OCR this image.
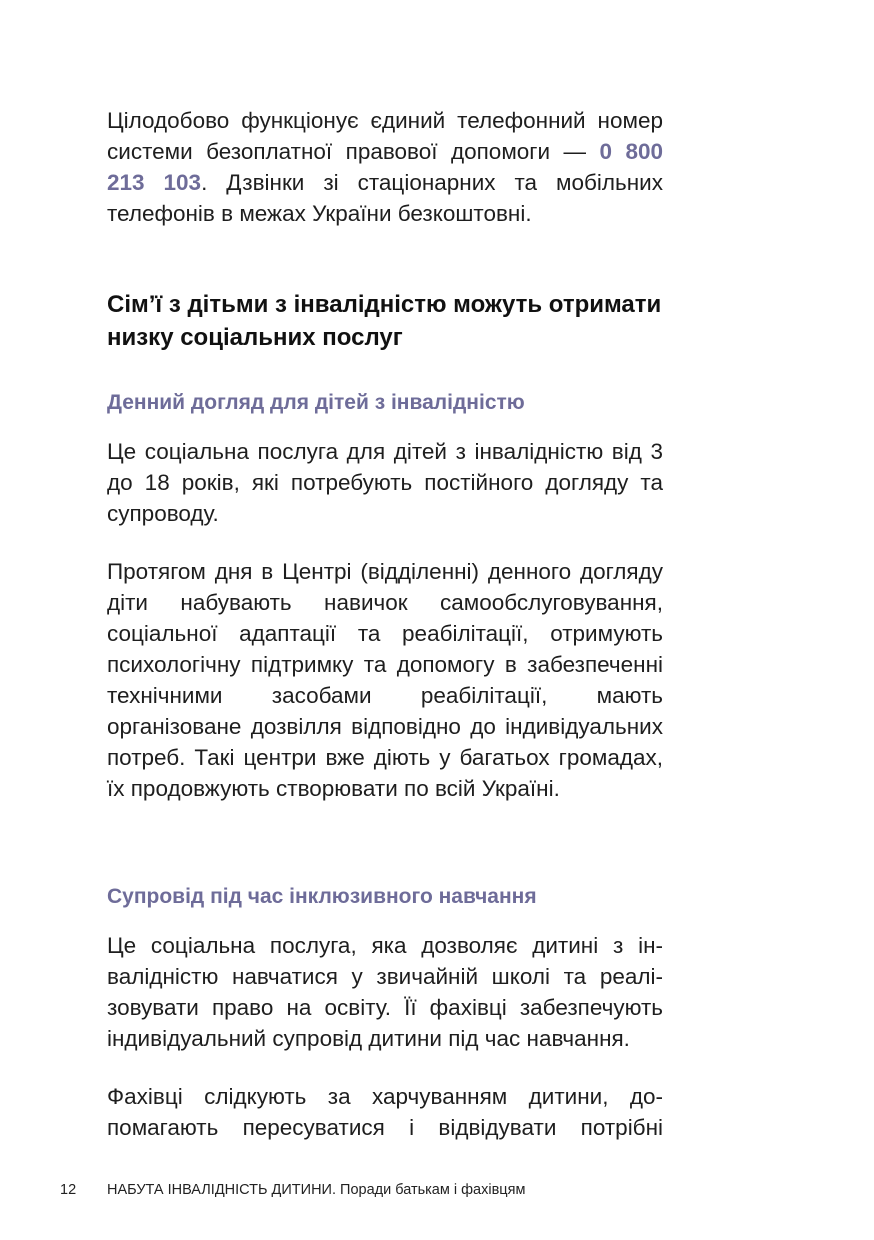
Цілодобово функціонує єдиний телефонний номер системи безоплатної правової допомоги — 0 800 213 103. Дзвінки зі стаціонарних та мобільних телефонів в межах України безкоштовні.

Сім’ї з дітьми з інвалідністю можуть отримати низку соціальних послуг
Денний догляд для дітей з інвалідністю

Це соціальна послуга для дітей з інвалідністю від 3 до 18 років, які потребують постійного догляду та супроводу.

Протягом дня в Центрі (відділенні) денного догляду діти набувають навичок самообслуговування, соціальної адаптації та реабілітації, отримують психологічну підтримку та допомогу в забезпеченні технічними засобами реабілітації, мають організоване дозвілля відповідно до індивідуальних потреб. Такі центри вже діють у багатьох громадах, їх продовжують створювати по всій Україні.

Супровід під час інклюзивного навчання

Це соціальна послуга, яка дозволяє дитині з інвалідністю навчатися у звичайній школі та реалізовувати право на освіту. Її фахівці забезпечують індивідуальний супровід дитини під час навчання.

Фахівці слідкують за харчуванням дитини, допомагають пересуватися і відвідувати потрібні

12 НАБУТА ІНВАЛІДНІСТЬ ДИТИНИ. Поради батькам і фахівцям
